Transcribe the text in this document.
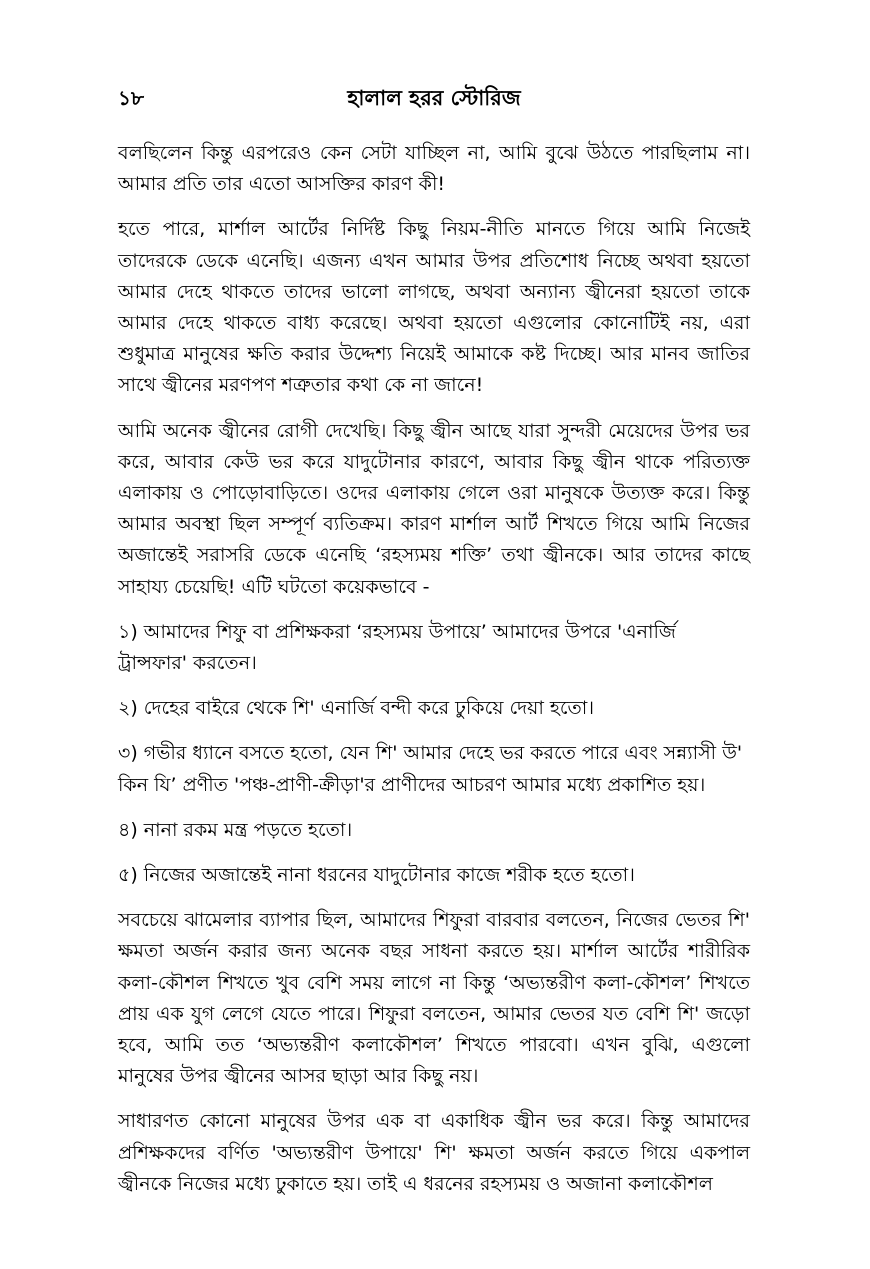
১৮	হালাল হরর স্টোরিজ

বলছিলেন কিন্তু এরপরেও কেন সেটা যাচ্ছিল না, আমি বুঝে উঠতে পারছিলাম না। আমার প্রতি তার এতো আসক্তির কারণ কী!

হতে পারে, মার্শাল আর্টের নির্দিষ্ট কিছু নিয়ম-নীতি মানতে গিয়ে আমি নিজেই তাদেরকে ডেকে এনেছি। এজন্য এখন আমার উপর প্রতিশোধ নিচ্ছে অথবা হয়তো আমার দেহে থাকতে তাদের ভালো লাগছে, অথবা অন্যান্য জ্বীনেরা হয়তো তাকে আমার দেহে থাকতে বাধ্য করেছে। অথবা হয়তো এগুলোর কোনোটিই নয়, এরা শুধুমাত্র মানুষের ক্ষতি করার উদ্দেশ্য নিয়েই আমাকে কষ্ট দিচ্ছে। আর মানব জাতির সাথে জ্বীনের মরণপণ শত্রুতার কথা কে না জানে!

আমি অনেক জ্বীনের রোগী দেখেছি। কিছু জ্বীন আছে যারা সুন্দরী মেয়েদের উপর ভর করে, আবার কেউ ভর করে যাদুটোনার কারণে, আবার কিছু জ্বীন থাকে পরিত্যক্ত এলাকায় ও পোড়োবাড়িতে। ওদের এলাকায় গেলে ওরা মানুষকে উত্যক্ত করে। কিন্তু আমার অবস্থা ছিল সম্পূর্ণ ব্যতিক্রম। কারণ মার্শাল আর্ট শিখতে গিয়ে আমি নিজের অজান্তেই সরাসরি ডেকে এনেছি ‘রহস্যময় শক্তি’ তথা জ্বীনকে। আর তাদের কাছে সাহায্য চেয়েছি! এটি ঘটতো কয়েকভাবে -

১) আমাদের শিফু বা প্রশিক্ষকরা ‘রহস্যময় উপায়ে’ আমাদের উপরে 'এনার্জি ট্রান্সফার' করতেন।

২) দেহের বাইরে থেকে শি' এনার্জি বন্দী করে ঢুকিয়ে দেয়া হতো।

৩) গভীর ধ্যানে বসতে হতো, যেন শি' আমার দেহে ভর করতে পারে এবং সন্ন্যাসী উ' কিন যি’ প্রণীত 'পঞ্চ-প্রাণী-ক্রীড়া'র প্রাণীদের আচরণ আমার মধ্যে প্রকাশিত হয়।

৪) নানা রকম মন্ত্র পড়তে হতো।

৫) নিজের অজান্তেই নানা ধরনের যাদুটোনার কাজে শরীক হতে হতো।

সবচেয়ে ঝামেলার ব্যাপার ছিল, আমাদের শিফুরা বারবার বলতেন, নিজের ভেতর শি' ক্ষমতা অর্জন করার জন্য অনেক বছর সাধনা করতে হয়। মার্শাল আর্টের শারীরিক কলা-কৌশল শিখতে খুব বেশি সময় লাগে না কিন্তু ‘অভ্যন্তরীণ কলা-কৌশল’ শিখতে প্রায় এক যুগ লেগে যেতে পারে। শিফুরা বলতেন, আমার ভেতর যত বেশি শি' জড়ো হবে, আমি তত ‘অভ্যন্তরীণ কলাকৌশল’ শিখতে পারবো। এখন বুঝি, এগুলো মানুষের উপর জ্বীনের আসর ছাড়া আর কিছু নয়।

সাধারণত কোনো মানুষের উপর এক বা একাধিক জ্বীন ভর করে। কিন্তু আমাদের প্রশিক্ষকদের বর্ণিত 'অভ্যন্তরীণ উপায়ে' শি' ক্ষমতা অর্জন করতে গিয়ে একপাল জ্বীনকে নিজের মধ্যে ঢুকাতে হয়। তাই এ ধরনের রহস্যময় ও অজানা কলাকৌশল
